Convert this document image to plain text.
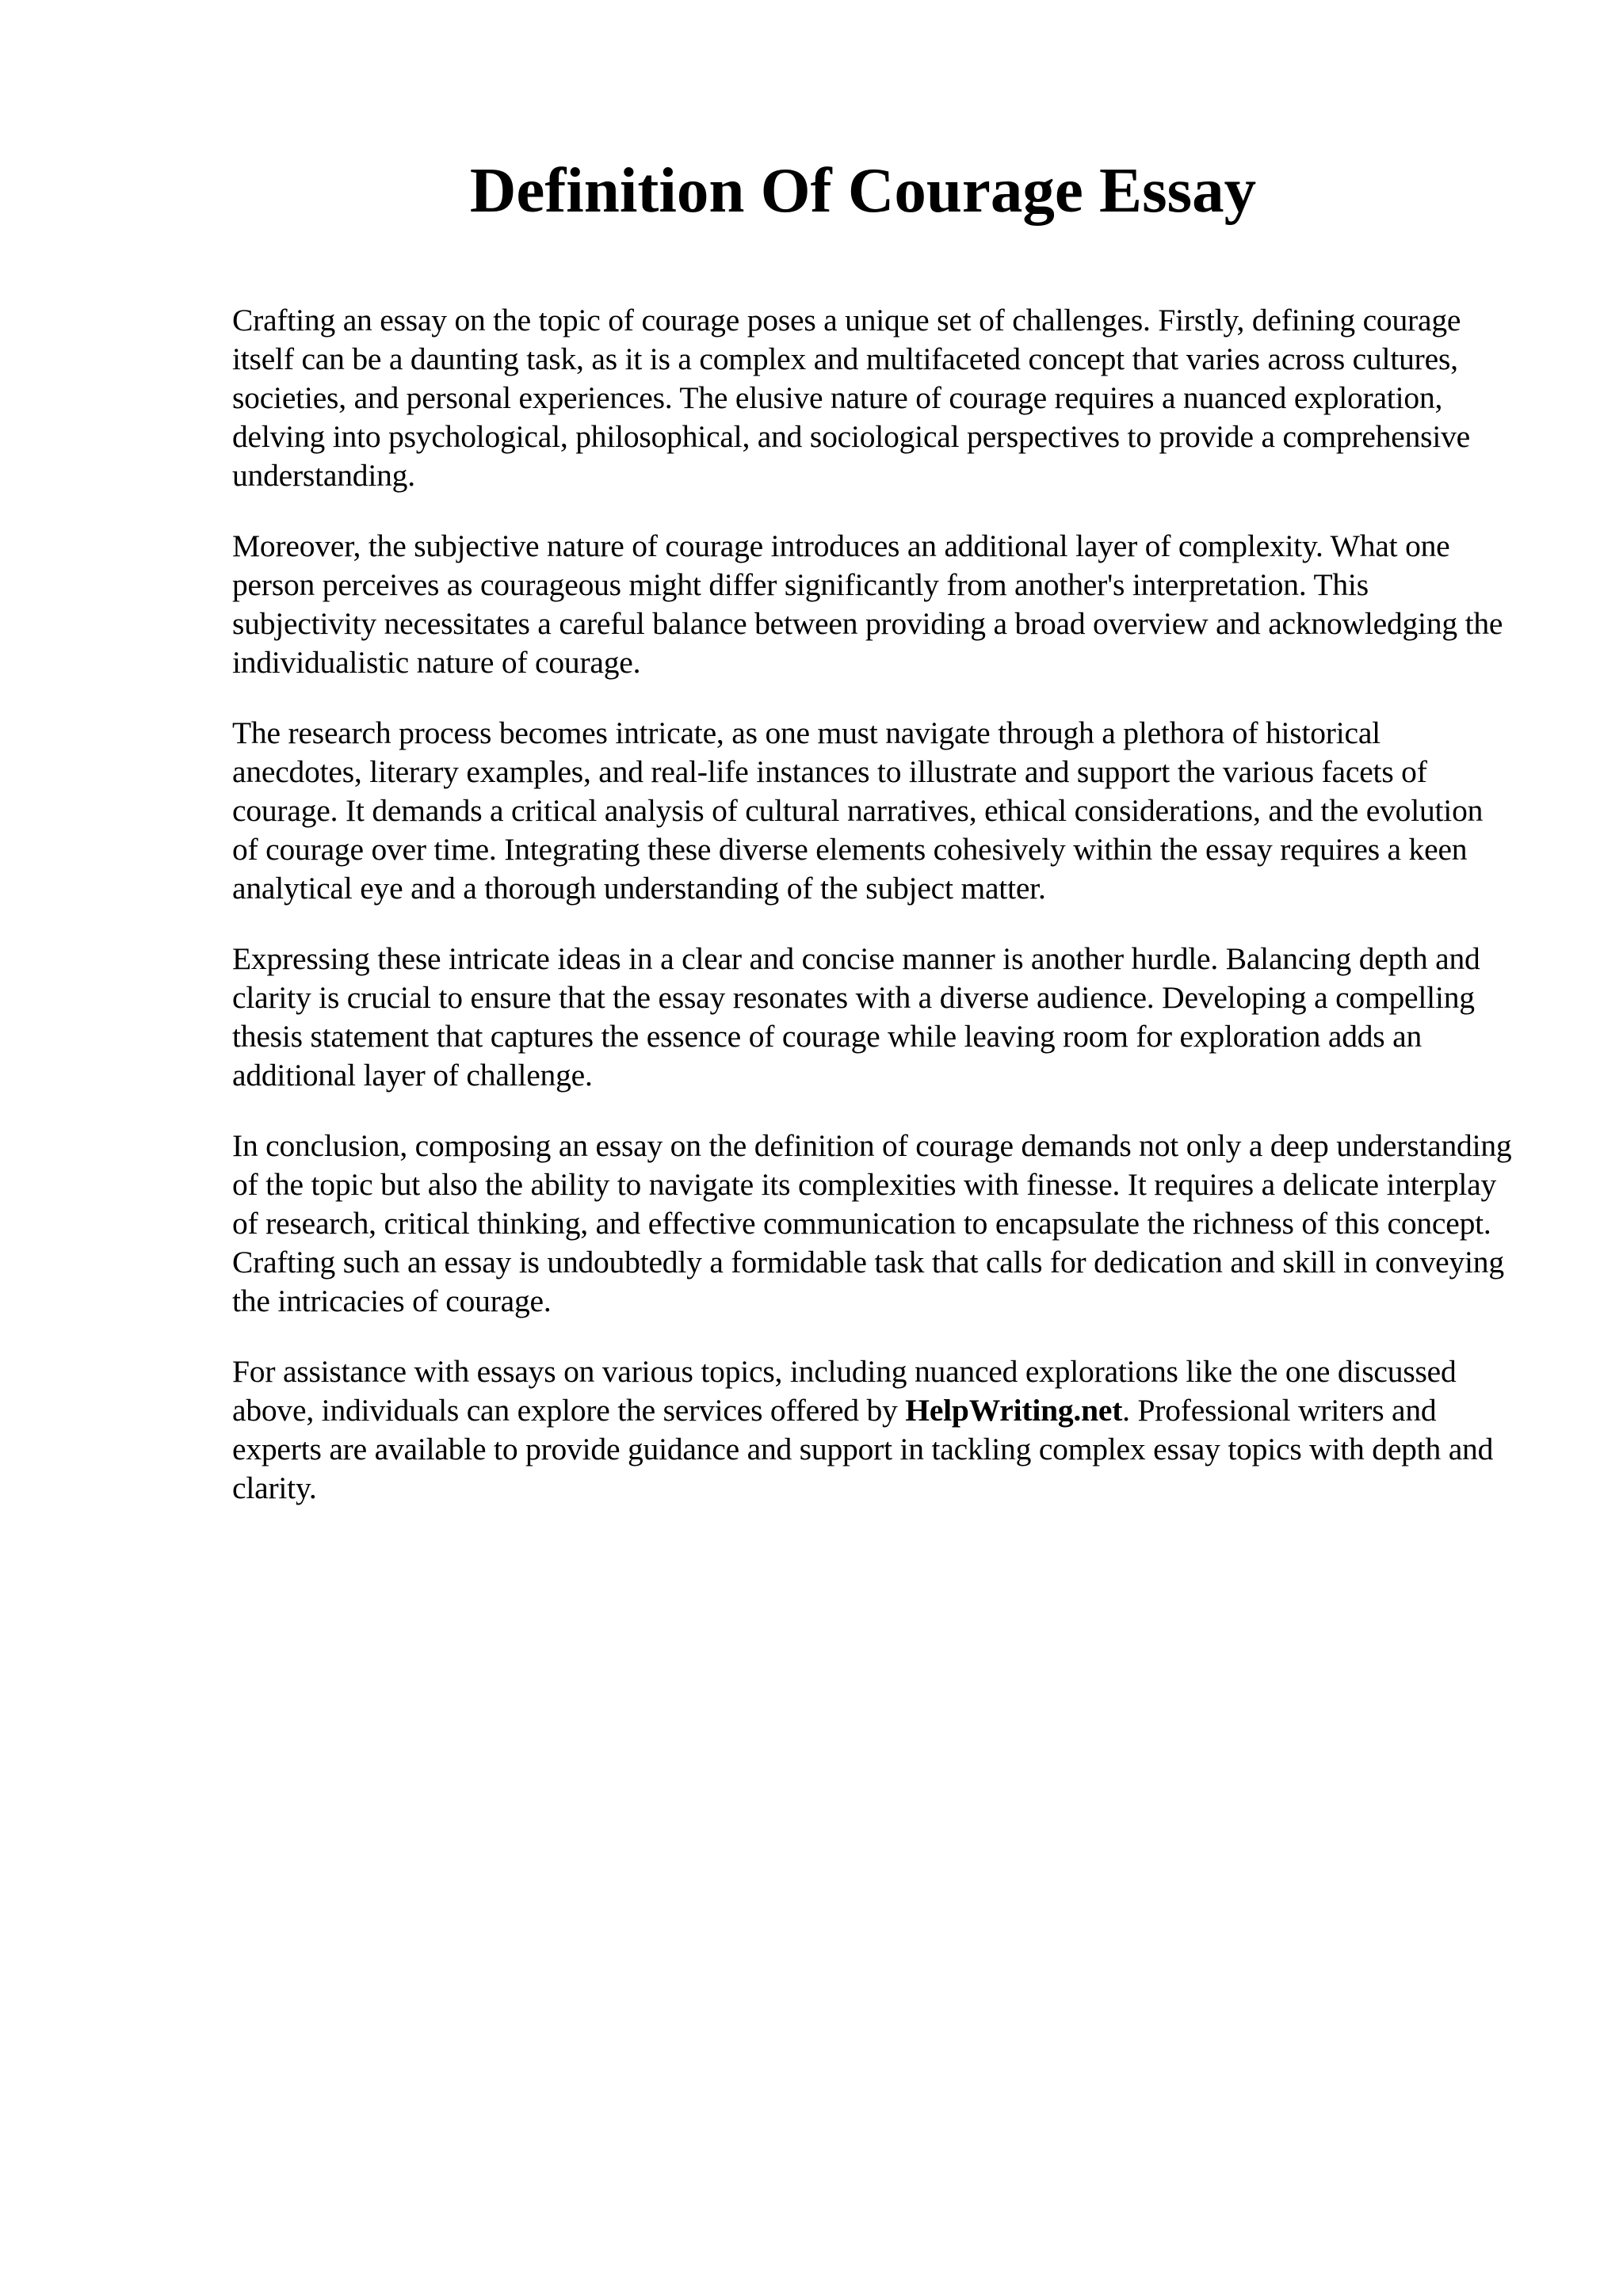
Definition Of Courage Essay

Crafting an essay on the topic of courage poses a unique set of challenges. Firstly, defining courage itself can be a daunting task, as it is a complex and multifaceted concept that varies across cultures, societies, and personal experiences. The elusive nature of courage requires a nuanced exploration, delving into psychological, philosophical, and sociological perspectives to provide a comprehensive understanding.

Moreover, the subjective nature of courage introduces an additional layer of complexity. What one person perceives as courageous might differ significantly from another's interpretation. This subjectivity necessitates a careful balance between providing a broad overview and acknowledging the individualistic nature of courage.

The research process becomes intricate, as one must navigate through a plethora of historical anecdotes, literary examples, and real-life instances to illustrate and support the various facets of courage. It demands a critical analysis of cultural narratives, ethical considerations, and the evolution of courage over time. Integrating these diverse elements cohesively within the essay requires a keen analytical eye and a thorough understanding of the subject matter.

Expressing these intricate ideas in a clear and concise manner is another hurdle. Balancing depth and clarity is crucial to ensure that the essay resonates with a diverse audience. Developing a compelling thesis statement that captures the essence of courage while leaving room for exploration adds an additional layer of challenge.

In conclusion, composing an essay on the definition of courage demands not only a deep understanding of the topic but also the ability to navigate its complexities with finesse. It requires a delicate interplay of research, critical thinking, and effective communication to encapsulate the richness of this concept. Crafting such an essay is undoubtedly a formidable task that calls for dedication and skill in conveying the intricacies of courage.

For assistance with essays on various topics, including nuanced explorations like the one discussed above, individuals can explore the services offered by HelpWriting.net. Professional writers and experts are available to provide guidance and support in tackling complex essay topics with depth and clarity.
